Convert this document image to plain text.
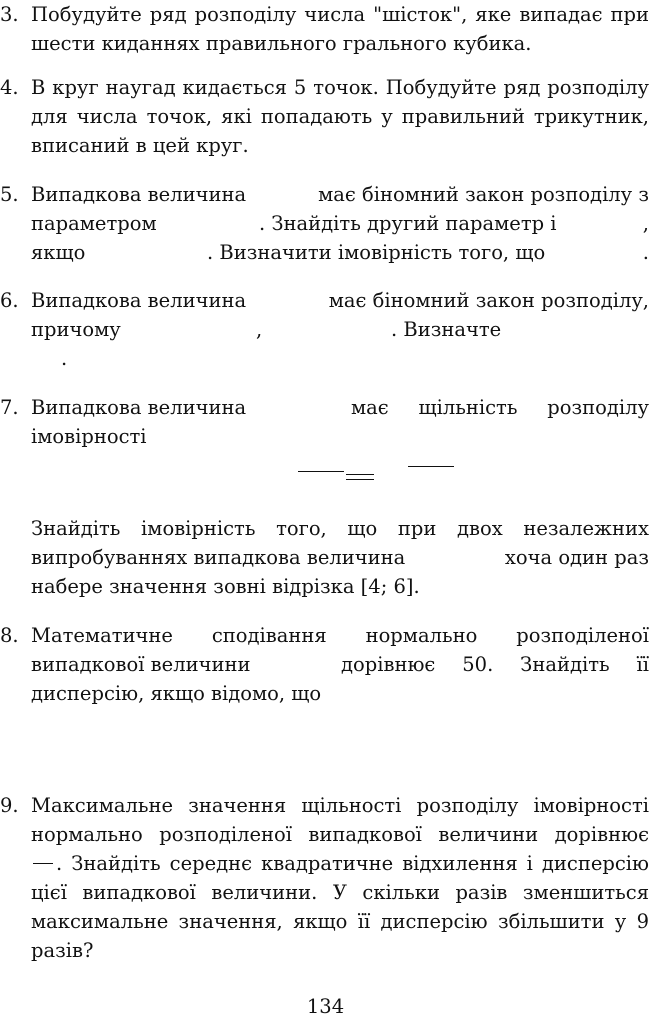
3. Побудуйте ряд розподілу числа "шісток", яке випадає при
шести киданнях правильного грального кубика.
4. В круг наугад кидається 5 точок. Побудуйте ряд розподілу
для числа точок, які попадають у правильний трикутник,
вписаний в цей круг.
5. Випадкова величина	має біномний закон розподілу з
параметром	. Знайдіть другий параметр і	,
якщо	. Визначити імовірність того, що	.
6. Випадкова величина	має біномний закон розподілу,
причому	,	. Визначте
.
7. Випадкова величина	має щільність розподілу
імовірності
Знайдіть імовірність того, що при двох незалежних
випробуваннях випадкова величина	хоча один раз
набере значення зовні відрізка [4; 6].
8. Математичне сподівання нормально розподіленої
випадкової величини	дорівнює 50. Знайдіть її
дисперсію, якщо відомо, що
9. Максимальне значення щільності розподілу імовірності
нормально розподіленої випадкової величини дорівнює
. Знайдіть середнє квадратичне відхилення і дисперсію
цієї випадкової величини. У скільки разів зменшиться
максимальне значення, якщо її дисперсію збільшити у 9
разів?
134
